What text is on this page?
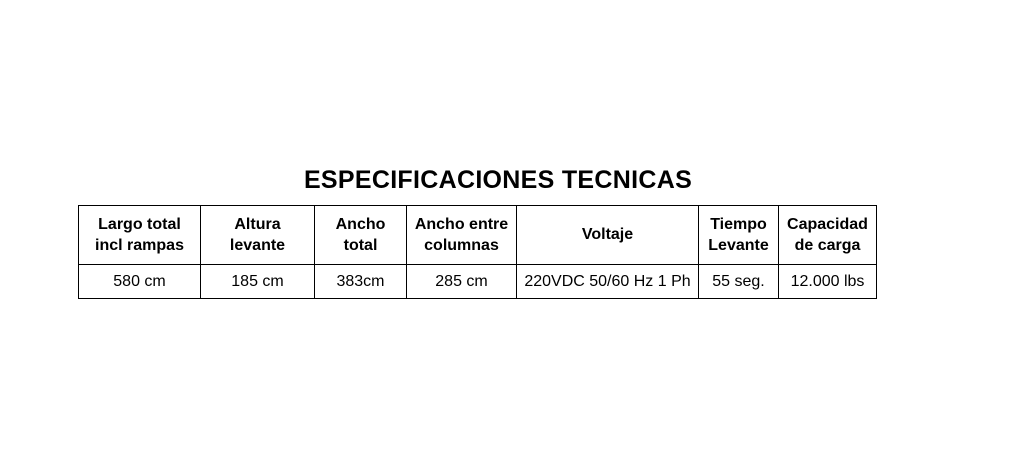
ESPECIFICACIONES TECNICAS
Largo total incl rampas	Altura levante	Ancho total	Ancho entre columnas	Voltaje	Tiempo Levante	Capacidad de carga
580 cm	185 cm	383cm	285 cm	220VDC 50/60 Hz 1 Ph	55 seg.	12.000 lbs
